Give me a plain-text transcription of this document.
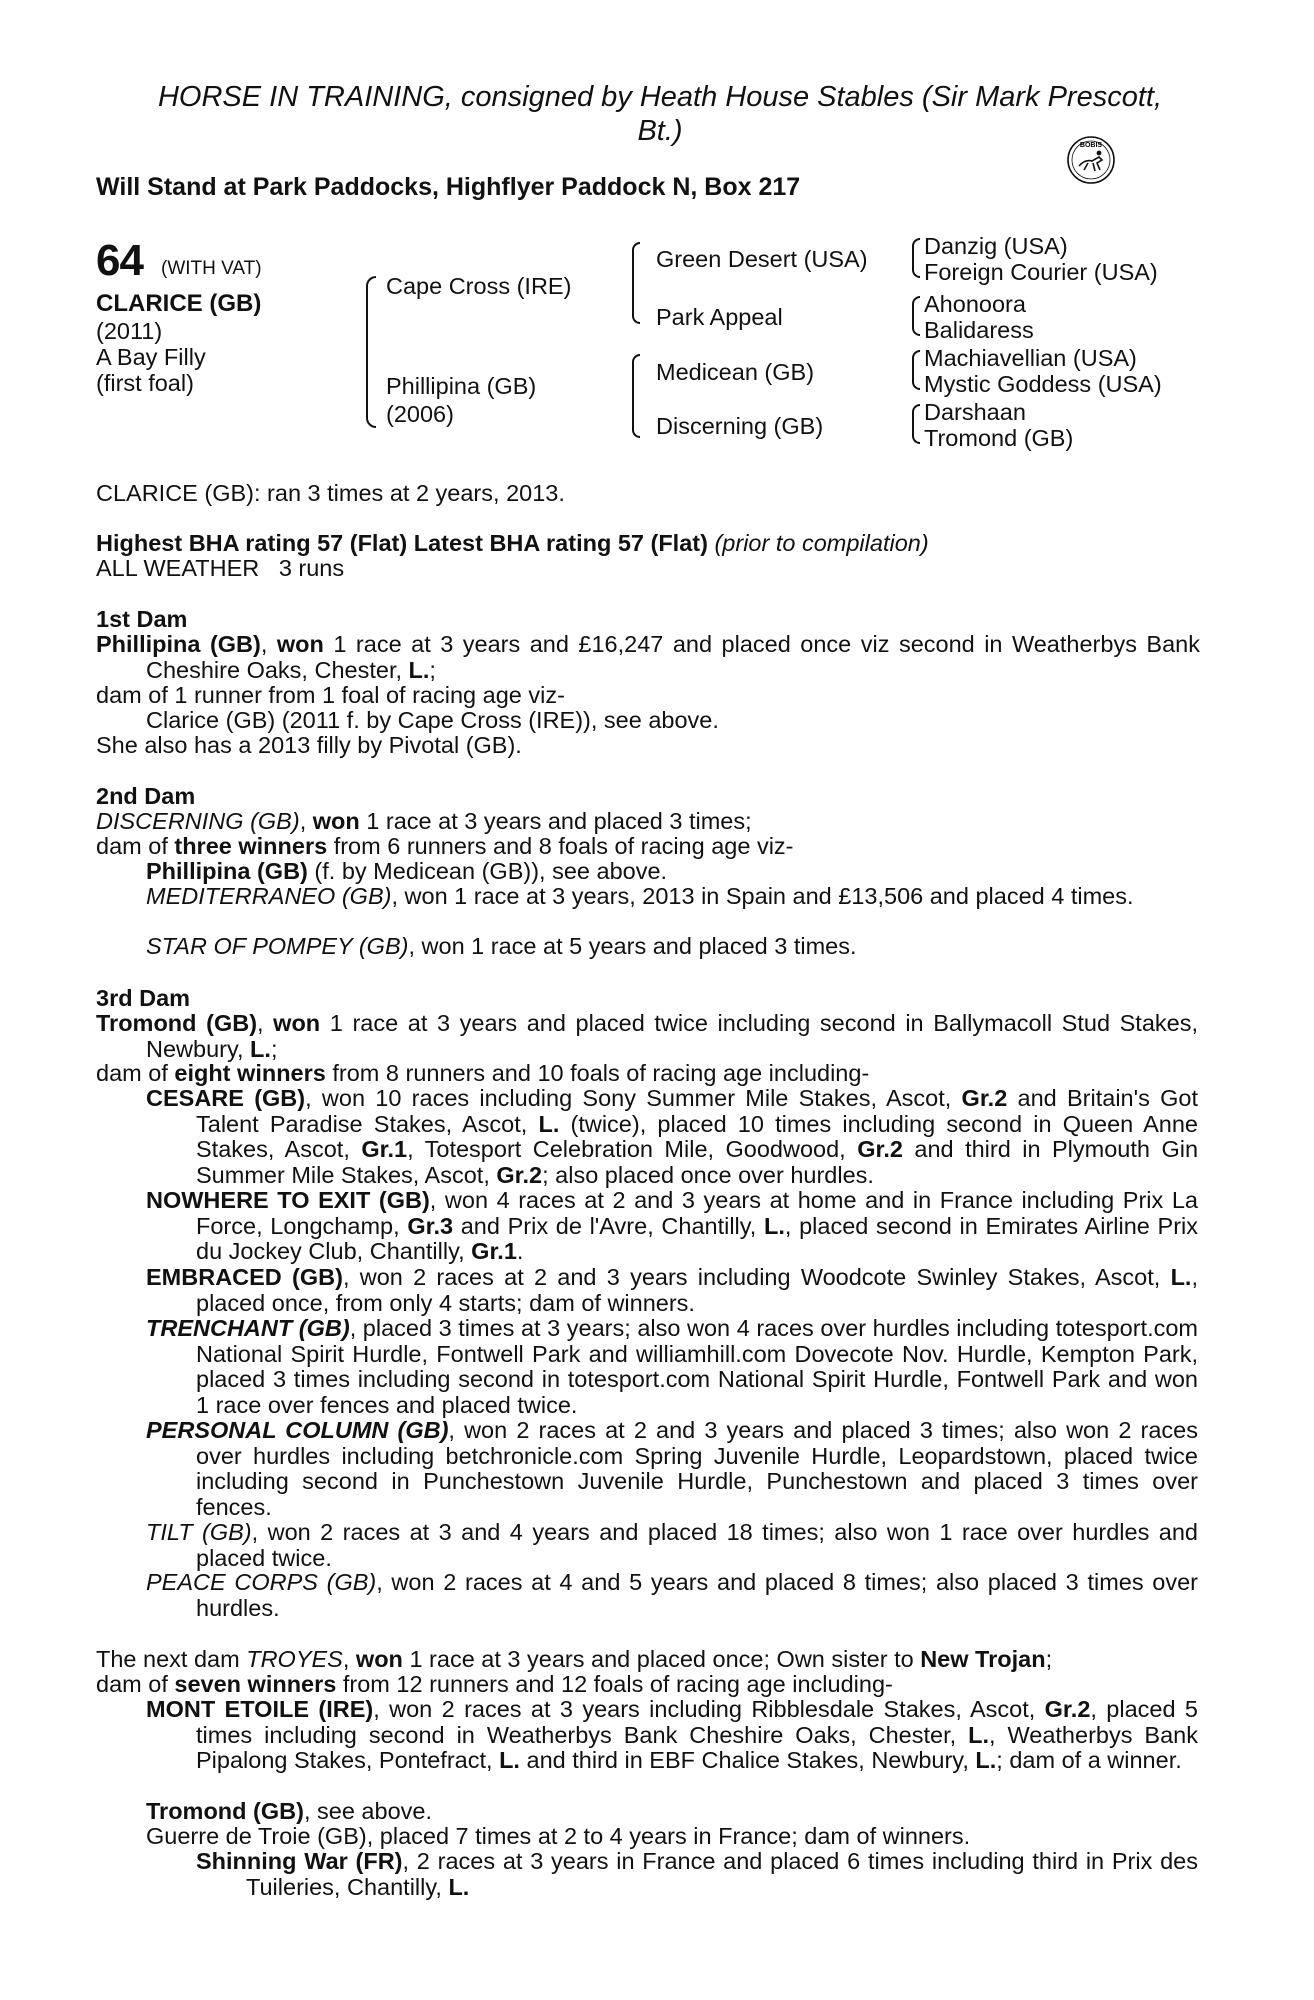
HORSE IN TRAINING, consigned by Heath House Stables (Sir Mark Prescott,
Bt.)
Will Stand at Park Paddocks, Highflyer Paddock N, Box 217
BOBIS
64 (WITH VAT)
CLARICE (GB)
(2011)
A Bay Filly
(first foal)
Cape Cross (IRE)
Phillipina (GB)
(2006)
Green Desert (USA)
Park Appeal
Medicean (GB)
Discerning (GB)
Danzig (USA)
Foreign Courier (USA)
Ahonoora
Balidaress
Machiavellian (USA)
Mystic Goddess (USA)
Darshaan
Tromond (GB)
CLARICE (GB): ran 3 times at 2 years, 2013.
Highest BHA rating 57 (Flat) Latest BHA rating 57 (Flat) (prior to compilation)
ALL WEATHER   3 runs
1st Dam
Phillipina (GB), won 1 race at 3 years and £16,247 and placed once viz second in Weatherbys Bank Cheshire Oaks, Chester, L.;
dam of 1 runner from 1 foal of racing age viz-
Clarice (GB) (2011 f. by Cape Cross (IRE)), see above.
She also has a 2013 filly by Pivotal (GB).
2nd Dam
DISCERNING (GB), won 1 race at 3 years and placed 3 times;
dam of three winners from 6 runners and 8 foals of racing age viz-
Phillipina (GB) (f. by Medicean (GB)), see above.
MEDITERRANEO (GB), won 1 race at 3 years, 2013 in Spain and £13,506 and placed 4 times.
STAR OF POMPEY (GB), won 1 race at 5 years and placed 3 times.
3rd Dam
Tromond (GB), won 1 race at 3 years and placed twice including second in Ballymacoll Stud Stakes, Newbury, L.;
dam of eight winners from 8 runners and 10 foals of racing age including-
CESARE (GB), won 10 races including Sony Summer Mile Stakes, Ascot, Gr.2 and Britain's Got Talent Paradise Stakes, Ascot, L. (twice), placed 10 times including second in Queen Anne Stakes, Ascot, Gr.1, Totesport Celebration Mile, Goodwood, Gr.2 and third in Plymouth Gin Summer Mile Stakes, Ascot, Gr.2; also placed once over hurdles.
NOWHERE TO EXIT (GB), won 4 races at 2 and 3 years at home and in France including Prix La Force, Longchamp, Gr.3 and Prix de l'Avre, Chantilly, L., placed second in Emirates Airline Prix du Jockey Club, Chantilly, Gr.1.
EMBRACED (GB), won 2 races at 2 and 3 years including Woodcote Swinley Stakes, Ascot, L., placed once, from only 4 starts; dam of winners.
TRENCHANT (GB), placed 3 times at 3 years; also won 4 races over hurdles including totesport.com National Spirit Hurdle, Fontwell Park and williamhill.com Dovecote Nov. Hurdle, Kempton Park, placed 3 times including second in totesport.com National Spirit Hurdle, Fontwell Park and won 1 race over fences and placed twice.
PERSONAL COLUMN (GB), won 2 races at 2 and 3 years and placed 3 times; also won 2 races over hurdles including betchronicle.com Spring Juvenile Hurdle, Leopardstown, placed twice including second in Punchestown Juvenile Hurdle, Punchestown and placed 3 times over fences.
TILT (GB), won 2 races at 3 and 4 years and placed 18 times; also won 1 race over hurdles and placed twice.
PEACE CORPS (GB), won 2 races at 4 and 5 years and placed 8 times; also placed 3 times over hurdles.
The next dam TROYES, won 1 race at 3 years and placed once; Own sister to New Trojan;
dam of seven winners from 12 runners and 12 foals of racing age including-
MONT ETOILE (IRE), won 2 races at 3 years including Ribblesdale Stakes, Ascot, Gr.2, placed 5 times including second in Weatherbys Bank Cheshire Oaks, Chester, L., Weatherbys Bank Pipalong Stakes, Pontefract, L. and third in EBF Chalice Stakes, Newbury, L.; dam of a winner.
Tromond (GB), see above.
Guerre de Troie (GB), placed 7 times at 2 to 4 years in France; dam of winners.
Shinning War (FR), 2 races at 3 years in France and placed 6 times including third in Prix des Tuileries, Chantilly, L.
